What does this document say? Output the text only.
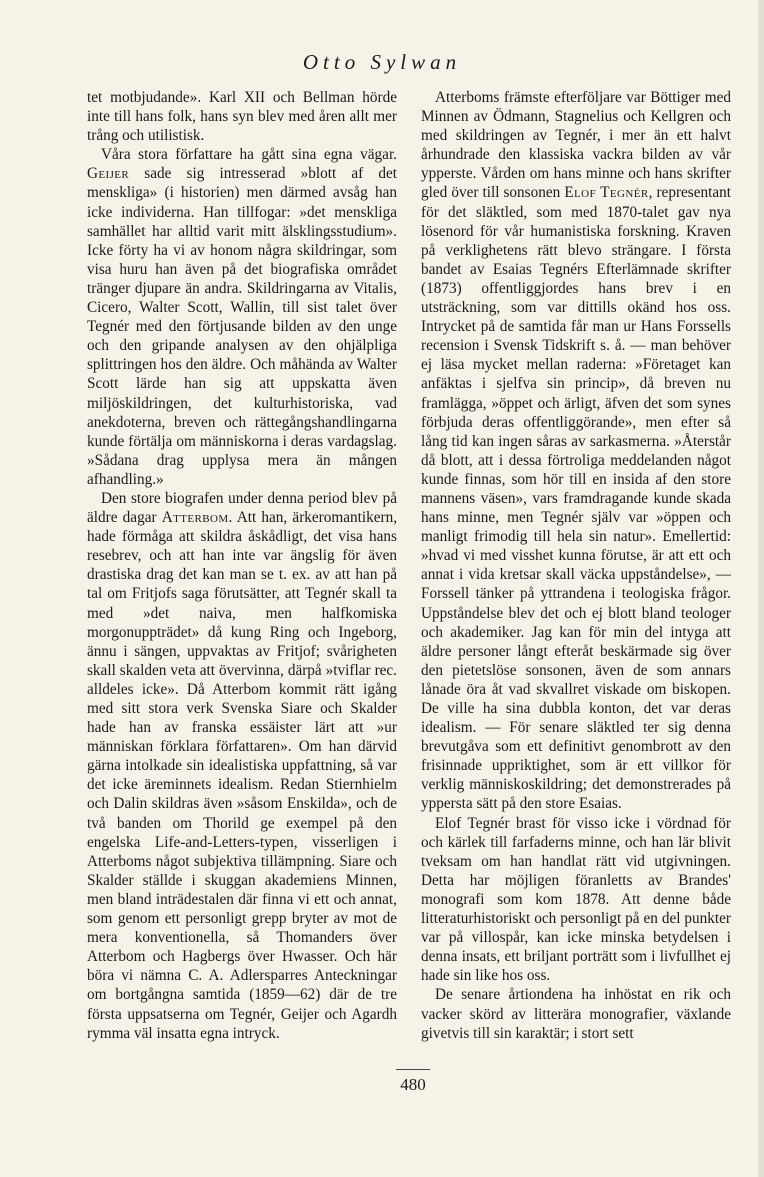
Otto Sylwan

tet motbjudande». Karl XII och Bellman hörde inte till hans folk, hans syn blev med åren allt mer trång och utilistisk.

Våra stora författare ha gått sina egna vägar. Geijer sade sig intresserad »blott af det menskliga» (i historien) men därmed avsåg han icke individerna. Han tillfogar: »det menskliga samhället har alltid varit mitt älsklingsstudium». Icke förty ha vi av honom några skildringar, som visa huru han även på det biografiska området tränger djupare än andra. Skildringarna av Vitalis, Cicero, Walter Scott, Wallin, till sist talet över Tegnér med den förtjusande bilden av den unge och den gripande analysen av den ohjälpliga splittringen hos den äldre. Och måhända av Walter Scott lärde han sig att uppskatta även miljöskildringen, det kulturhistoriska, vad anekdoterna, breven och rättegångshandlingarna kunde förtälja om människorna i deras vardagslag. »Sådana drag upplysa mera än mången afhandling.»

Den store biografen under denna period blev på äldre dagar Atterbom. Att han, ärkeromantikern, hade förmåga att skildra åskådligt, det visa hans resebrev, och att han inte var ängslig för även drastiska drag det kan man se t. ex. av att han på tal om Fritjofs saga förutsätter, att Tegnér skall ta med »det naiva, men halfkomiska morgonuppträdet» då kung Ring och Ingeborg, ännu i sängen, uppvaktas av Fritjof; svårigheten skall skalden veta att övervinna, därpå »tviflar rec. alldeles icke». Då Atterbom kommit rätt igång med sitt stora verk Svenska Siare och Skalder hade han av franska essäister lärt att »ur människan förklara författaren». Om han därvid gärna intolkade sin idealistiska uppfattning, så var det icke äreminnets idealism. Redan Stiernhielm och Dalin skildras även »såsom Enskilda», och de två banden om Thorild ge exempel på den engelska Life-and-Letters-typen, visserligen i Atterboms något subjektiva tillämpning. Siare och Skalder ställde i skuggan akademiens Minnen, men bland inträdestalen där finna vi ett och annat, som genom ett personligt grepp bryter av mot de mera konventionella, så Thomanders över Atterbom och Hagbergs över Hwasser. Och här böra vi nämna C. A. Adlersparres Anteckningar om bortgångna samtida (1859—62) där de tre första uppsatserna om Tegnér, Geijer och Agardh rymma väl insatta egna intryck.

Atterboms främste efterföljare var Böttiger med Minnen av Ödmann, Stagnelius och Kellgren och med skildringen av Tegnér, i mer än ett halvt århundrade den klassiska vackra bilden av vår ypperste. Vården om hans minne och hans skrifter gled över till sonsonen Elof Tegnér, representant för det släktled, som med 1870-talet gav nya lösenord för vår humanistiska forskning. Kraven på verklighetens rätt blevo strängare. I första bandet av Esaias Tegnérs Efterlämnade skrifter (1873) offentliggjordes hans brev i en utsträckning, som var dittills okänd hos oss. Intrycket på de samtida får man ur Hans Forssells recension i Svensk Tidskrift s. å. — man behöver ej läsa mycket mellan raderna: »Företaget kan anfäktas i sjelfva sin princip», då breven nu framlägga, »öppet och ärligt, äfven det som synes förbjuda deras offentliggörande», men efter så lång tid kan ingen såras av sarkasmerna. »Återstår då blott, att i dessa förtroliga meddelanden något kunde finnas, som hör till en insida af den store mannens väsen», vars framdragande kunde skada hans minne, men Tegnér själv var »öppen och manligt frimodig till hela sin natur». Emellertid: »hvad vi med visshet kunna förutse, är att ett och annat i vida kretsar skall väcka uppståndelse», — Forssell tänker på yttrandena i teologiska frågor. Uppståndelse blev det och ej blott bland teologer och akademiker. Jag kan för min del intyga att äldre personer långt efteråt beskärmade sig över den pietetslöse sonsonen, även de som annars lånade öra åt vad skvallret viskade om biskopen. De ville ha sina dubbla konton, det var deras idealism. — För senare släktled ter sig denna brevutgåva som ett definitivt genombrott av den frisinnade uppriktighet, som är ett villkor för verklig människoskildring; det demonstrerades på yppersta sätt på den store Esaias.

Elof Tegnér brast för visso icke i vördnad för och kärlek till farfaderns minne, och han lär blivit tveksam om han handlat rätt vid utgivningen. Detta har möjligen föranletts av Brandes' monografi som kom 1878. Att denne både litteraturhistoriskt och personligt på en del punkter var på villospår, kan icke minska betydelsen i denna insats, ett briljant porträtt som i livfullhet ej hade sin like hos oss.

De senare årtiondena ha inhöstat en rik och vacker skörd av litterära monografier, växlande givetvis till sin karaktär; i stort sett

480
